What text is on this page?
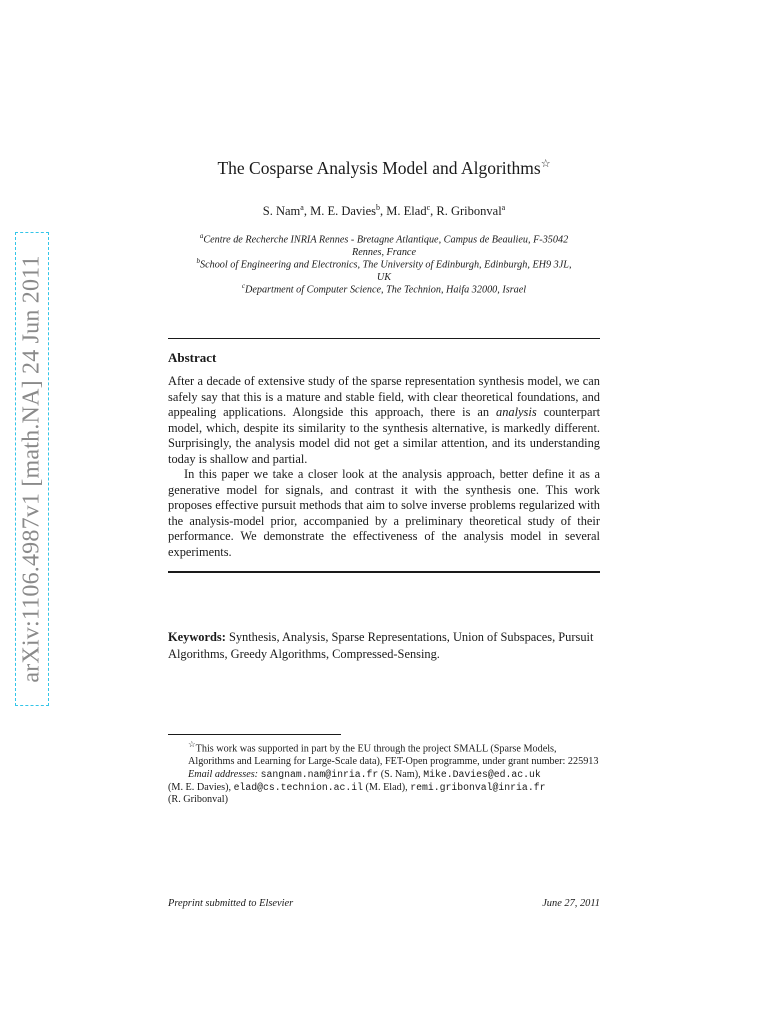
arXiv:1106.4987v1 [math.NA] 24 Jun 2011
The Cosparse Analysis Model and Algorithms☆
S. Nam$^a$, M. E. Davies$^b$, M. Elad$^c$, R. Gribonval$^a$
$^a$Centre de Recherche INRIA Rennes - Bretagne Atlantique, Campus de Beaulieu, F-35042
Rennes, France
$^b$School of Engineering and Electronics, The University of Edinburgh, Edinburgh, EH9 3JL,
UK
$^c$Department of Computer Science, The Technion, Haifa 32000, Israel
Abstract

After a decade of extensive study of the sparse representation synthesis model, we can safely say that this is a mature and stable field, with clear theoretical foundations, and appealing applications. Alongside this approach, there is an analysis counterpart model, which, despite its similarity to the synthesis alternative, is markedly different. Surprisingly, the analysis model did not get a similar attention, and its understanding today is shallow and partial.

In this paper we take a closer look at the analysis approach, better define it as a generative model for signals, and contrast it with the synthesis one. This work proposes effective pursuit methods that aim to solve inverse problems regularized with the analysis-model prior, accompanied by a preliminary theoretical study of their performance. We demonstrate the effectiveness of the analysis model in several experiments.

Keywords: Synthesis, Analysis, Sparse Representations, Union of Subspaces, Pursuit Algorithms, Greedy Algorithms, Compressed-Sensing.

☆This work was supported in part by the EU through the project SMALL (Sparse Models, Algorithms and Learning for Large-Scale data), FET-Open programme, under grant number: 225913

Email addresses: sangnam.nam@inria.fr (S. Nam), Mike.Davies@ed.ac.uk
(M. E. Davies), elad@cs.technion.ac.il (M. Elad), remi.gribonval@inria.fr
(R. Gribonval)

Preprint submitted to Elsevier	June 27, 2011
